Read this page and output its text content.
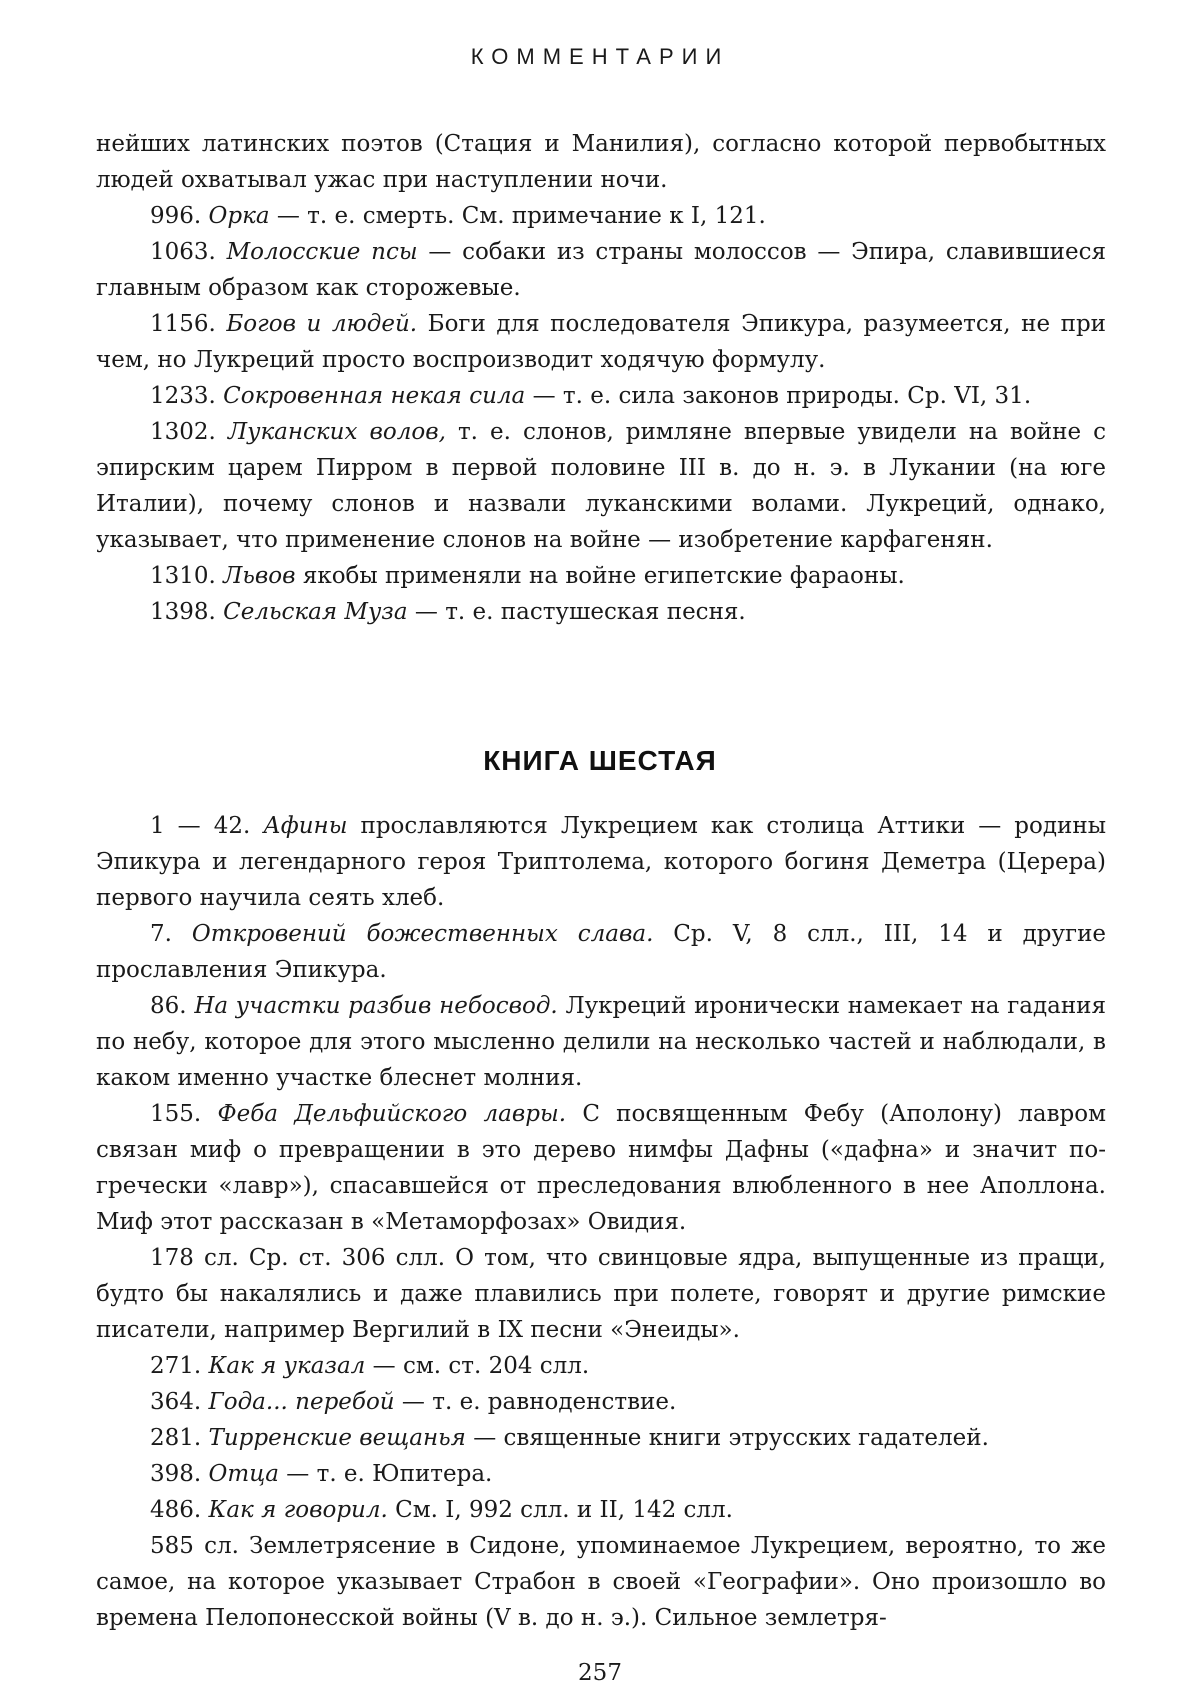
КОММЕНТАРИИ

нейших латинских поэтов (Стация и Манилия), согласно которой первобытных людей охватывал ужас при наступлении ночи.

996. Орка — т. е. смерть. См. примечание к I, 121.

1063. Молосские псы — собаки из страны молоссов — Эпира, славившиеся главным образом как сторожевые.

1156. Богов и людей. Боги для последователя Эпикура, разумеется, не при чем, но Лукреций просто воспроизводит ходячую формулу.

1233. Сокровенная некая сила — т. е. сила законов природы. Ср. VI, 31.

1302. Луканских волов, т. е. слонов, римляне впервые увидели на войне с эпирским царем Пирром в первой половине III в. до н. э. в Лукании (на юге Италии), почему слонов и назвали луканскими волами. Лукреций, однако, указывает, что применение слонов на войне — изобретение карфагенян.

1310. Львов якобы применяли на войне египетские фараоны.

1398. Сельская Муза — т. е. пастушеская песня.

КНИГА ШЕСТАЯ

1 — 42. Афины прославляются Лукрецием как столица Аттики — родины Эпикура и легендарного героя Триптолема, которого богиня Деметра (Церера) первого научила сеять хлеб.

7. Откровений божественных слава. Ср. V, 8 слл., III, 14 и другие прославления Эпикура.

86. На участки разбив небосвод. Лукреций иронически намекает на гадания по небу, которое для этого мысленно делили на несколько частей и наблюдали, в каком именно участке блеснет молния.

155. Феба Дельфийского лавры. С посвященным Фебу (Аполону) лавром связан миф о превращении в это дерево нимфы Дафны («дафна» и значит по-гречески «лавр»), спасавшейся от преследования влюбленного в нее Аполлона. Миф этот рассказан в «Метаморфозах» Овидия.

178 сл. Ср. ст. 306 слл. О том, что свинцовые ядра, выпущенные из пращи, будто бы накалялись и даже плавились при полете, говорят и другие римские писатели, например Вергилий в IX песни «Энеиды».

271. Как я указал — см. ст. 204 слл.

364. Года... перебой — т. е. равноденствие.

281. Тирренские вещанья — священные книги этрусских гадателей.

398. Отца — т. е. Юпитера.

486. Как я говорил. См. I, 992 слл. и II, 142 слл.

585 сл. Землетрясение в Сидоне, упоминаемое Лукрецием, вероятно, то же самое, на которое указывает Страбон в своей «Географии». Оно произошло во времена Пелопонесской войны (V в. до н. э.). Сильное землетря-

257
